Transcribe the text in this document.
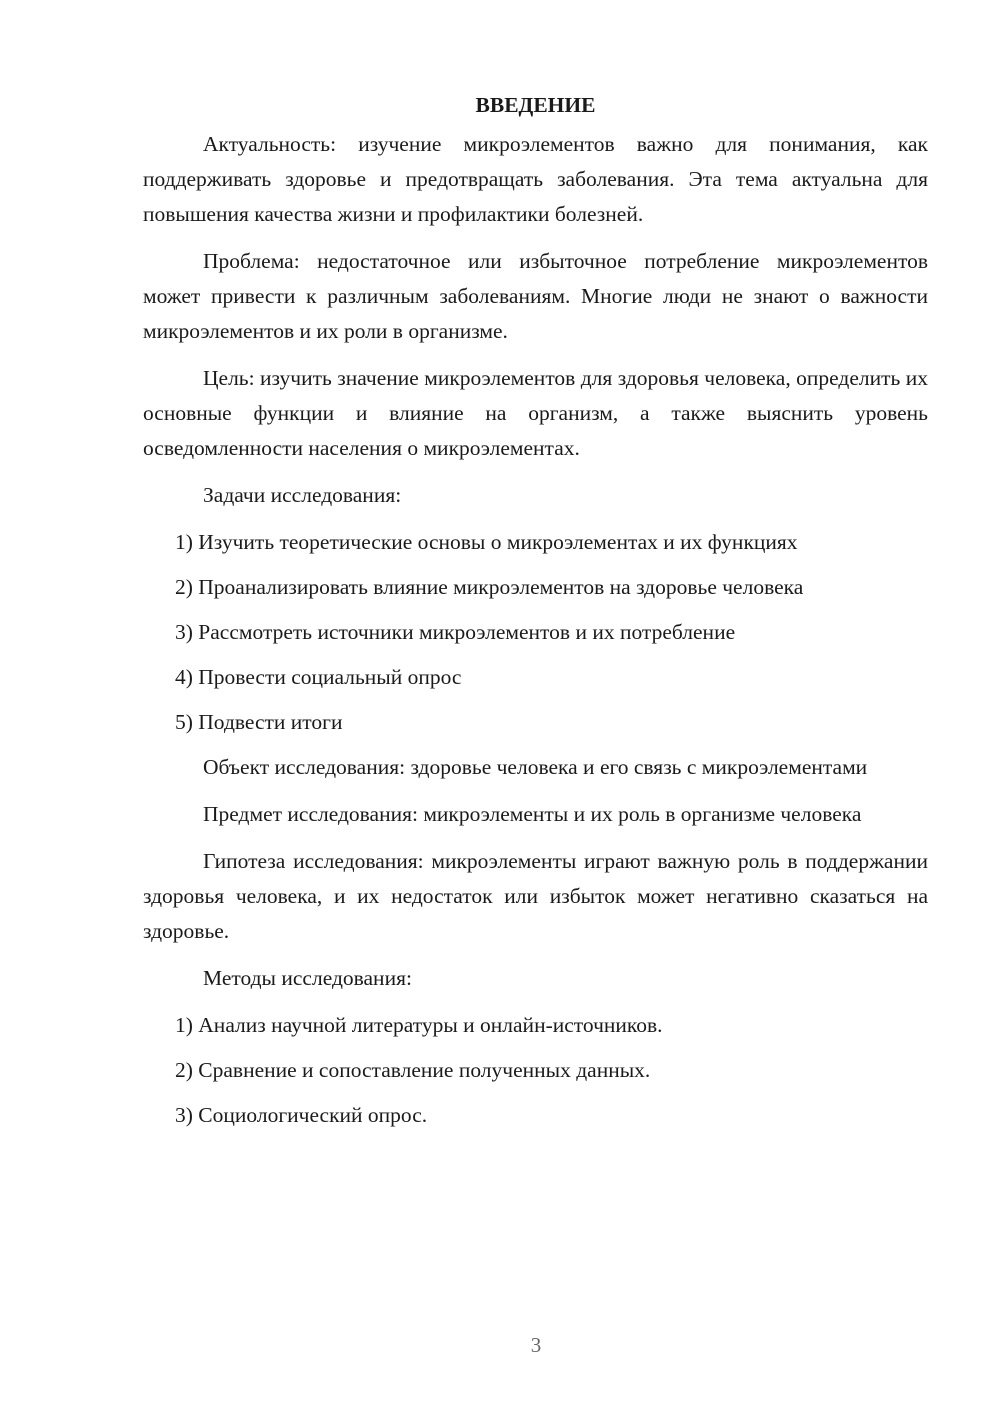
ВВЕДЕНИЕ

Актуальность: изучение микроэлементов важно для понимания, как поддерживать здоровье и предотвращать заболевания. Эта тема актуальна для повышения качества жизни и профилактики болезней.

Проблема: недостаточное или избыточное потребление микроэлементов может привести к различным заболеваниям. Многие люди не знают о важности микроэлементов и их роли в организме.

Цель: изучить значение микроэлементов для здоровья человека, определить их основные функции и влияние на организм, а также выяснить уровень осведомленности населения о микроэлементах.

Задачи исследования:

1) Изучить теоретические основы о микроэлементах и их функциях
2) Проанализировать влияние микроэлементов на здоровье человека
3) Рассмотреть источники микроэлементов и их потребление
4) Провести социальный опрос
5) Подвести итоги

Объект исследования: здоровье человека и его связь с микроэлементами

Предмет исследования: микроэлементы и их роль в организме человека

Гипотеза исследования: микроэлементы играют важную роль в поддержании здоровья человека, и их недостаток или избыток может негативно сказаться на здоровье.

Методы исследования:

1) Анализ научной литературы и онлайн-источников.
2) Сравнение и сопоставление полученных данных.
3) Социологический опрос.
3
